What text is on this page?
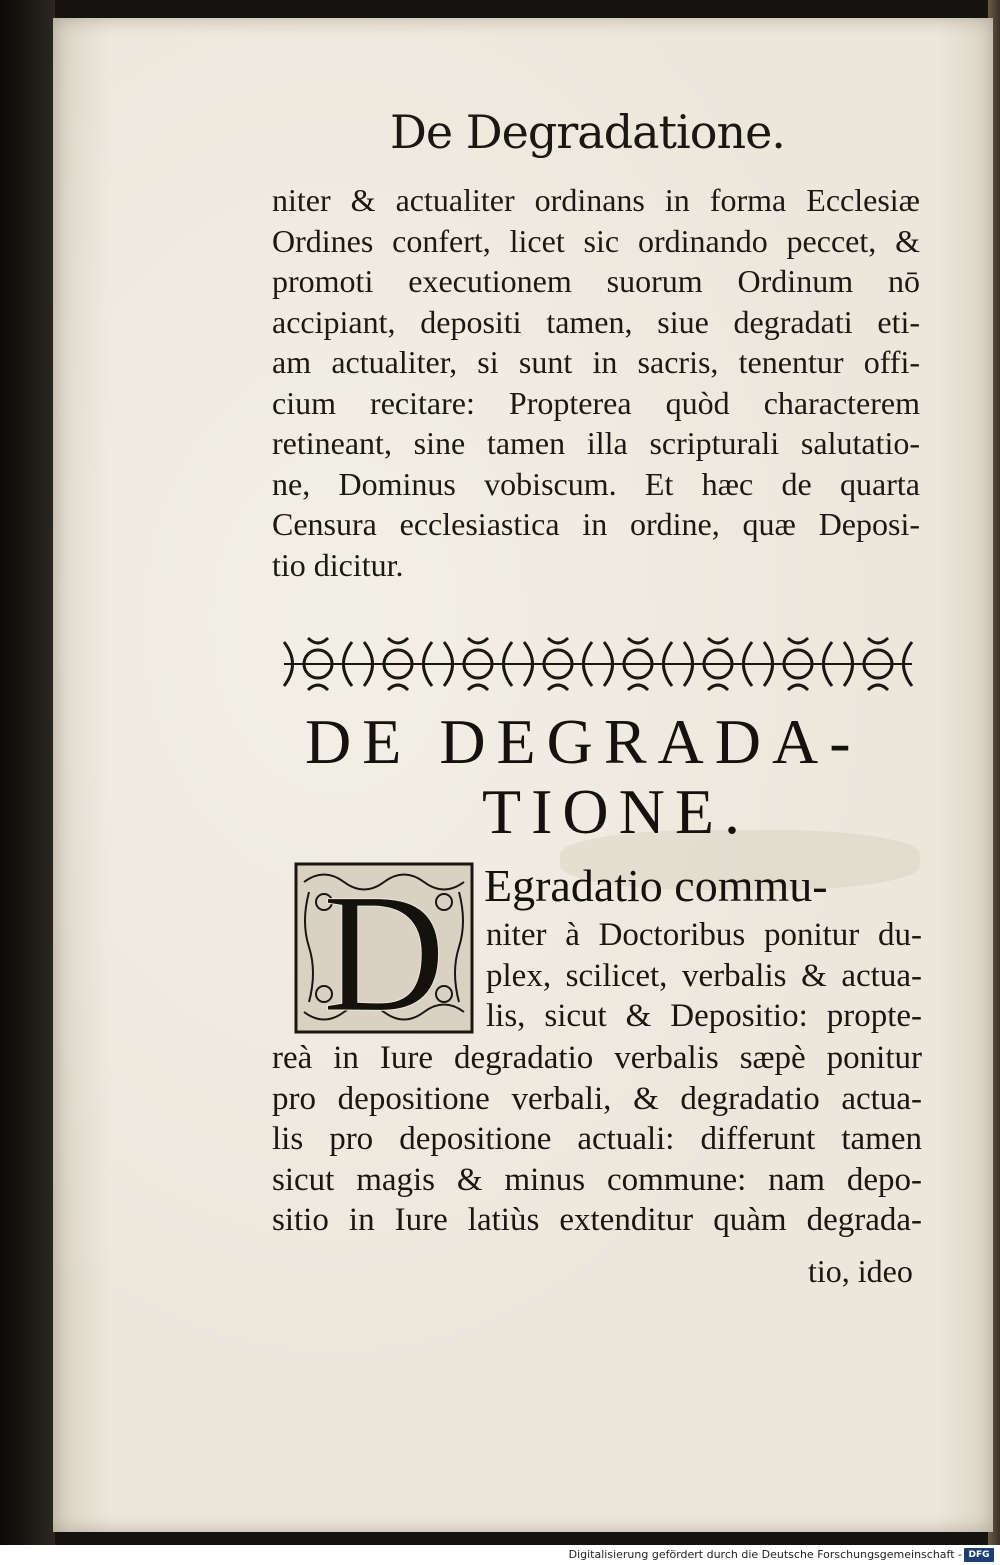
De Degradatione.
niter & actualiter ordinans in forma Ecclesiæ
Ordines confert, licet sic ordinando peccet, &
promoti executionem suorum Ordinum nō
accipiant, depositi tamen, siue degradati eti-
am actualiter, si sunt in sacris, tenentur offi-
cium recitare: Propterea quòd characterem
retineant, sine tamen illa scripturali salutatio-
ne, Dominus vobiscum. Et hæc de quarta
Censura ecclesiastica in ordine, quæ Deposi-
tio dicitur.
DE DEGRADA-
TIONE.
D Egradatio commu-
niter à Doctoribus ponitur du-
plex, scilicet, verbalis & actua-
lis, sicut & Depositio: propte-
reà in Iure degradatio verbalis sæpè ponitur
pro depositione verbali, & degradatio actua-
lis pro depositione actuali: differunt tamen
sicut magis & minus commune: nam depo-
sitio in Iure latiùs extenditur quàm degrada-
tio, ideo
Digitalisierung gefördert durch die Deutsche Forschungsgemeinschaft - DFG
